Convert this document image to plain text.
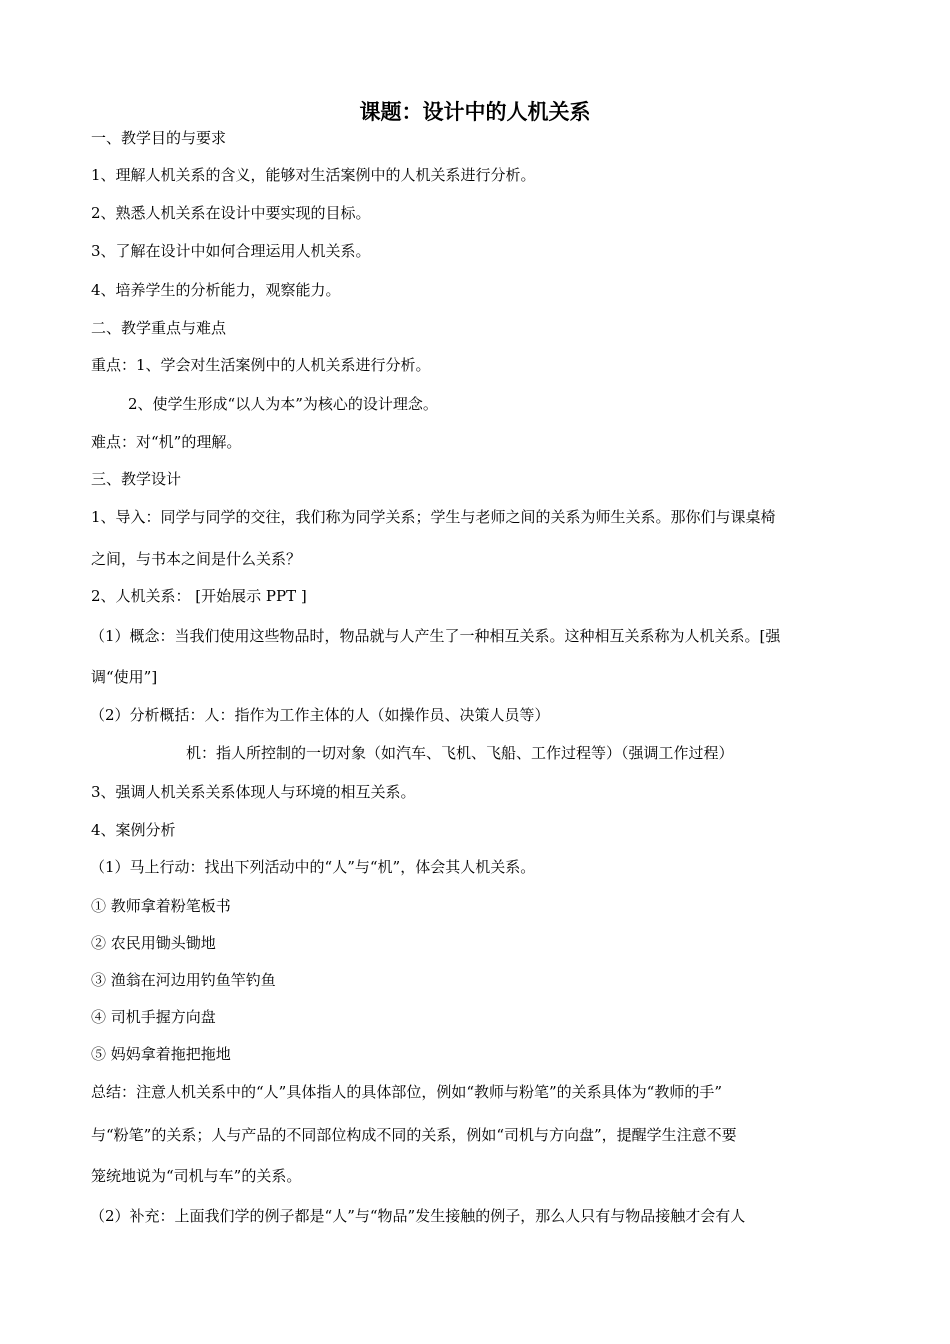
课题：设计中的人机关系
一、教学目的与要求
1、理解人机关系的含义，能够对生活案例中的人机关系进行分析。
2、熟悉人机关系在设计中要实现的目标。
3、了解在设计中如何合理运用人机关系。
4、培养学生的分析能力，观察能力。
二、教学重点与难点
重点：1、学会对生活案例中的人机关系进行分析。
2、使学生形成“以人为本”为核心的设计理念。
难点：对“机”的理解。
三、教学设计
1、导入：同学与同学的交往，我们称为同学关系；学生与老师之间的关系为师生关系。那你们与课桌椅
之间，与书本之间是什么关系？
2、人机关系： [开始展示 PPT ]
（1）概念：当我们使用这些物品时，物品就与人产生了一种相互关系。这种相互关系称为人机关系。[强
调“使用”]
（2）分析概括：人：指作为工作主体的人（如操作员、决策人员等）
机：指人所控制的一切对象（如汽车、飞机、飞船、工作过程等）（强调工作过程）
3、强调人机关系关系体现人与环境的相互关系。
4、案例分析
（1）马上行动：找出下列活动中的“人”与“机”，体会其人机关系。
① 教师拿着粉笔板书
② 农民用锄头锄地
③ 渔翁在河边用钓鱼竿钓鱼
④ 司机手握方向盘
⑤ 妈妈拿着拖把拖地
总结：注意人机关系中的“人”具体指人的具体部位，例如“教师与粉笔”的关系具体为“教师的手”
与“粉笔”的关系；人与产品的不同部位构成不同的关系，例如“司机与方向盘”，提醒学生注意不要
笼统地说为“司机与车”的关系。
（2）补充：上面我们学的例子都是“人”与“物品”发生接触的例子，那么人只有与物品接触才会有人
